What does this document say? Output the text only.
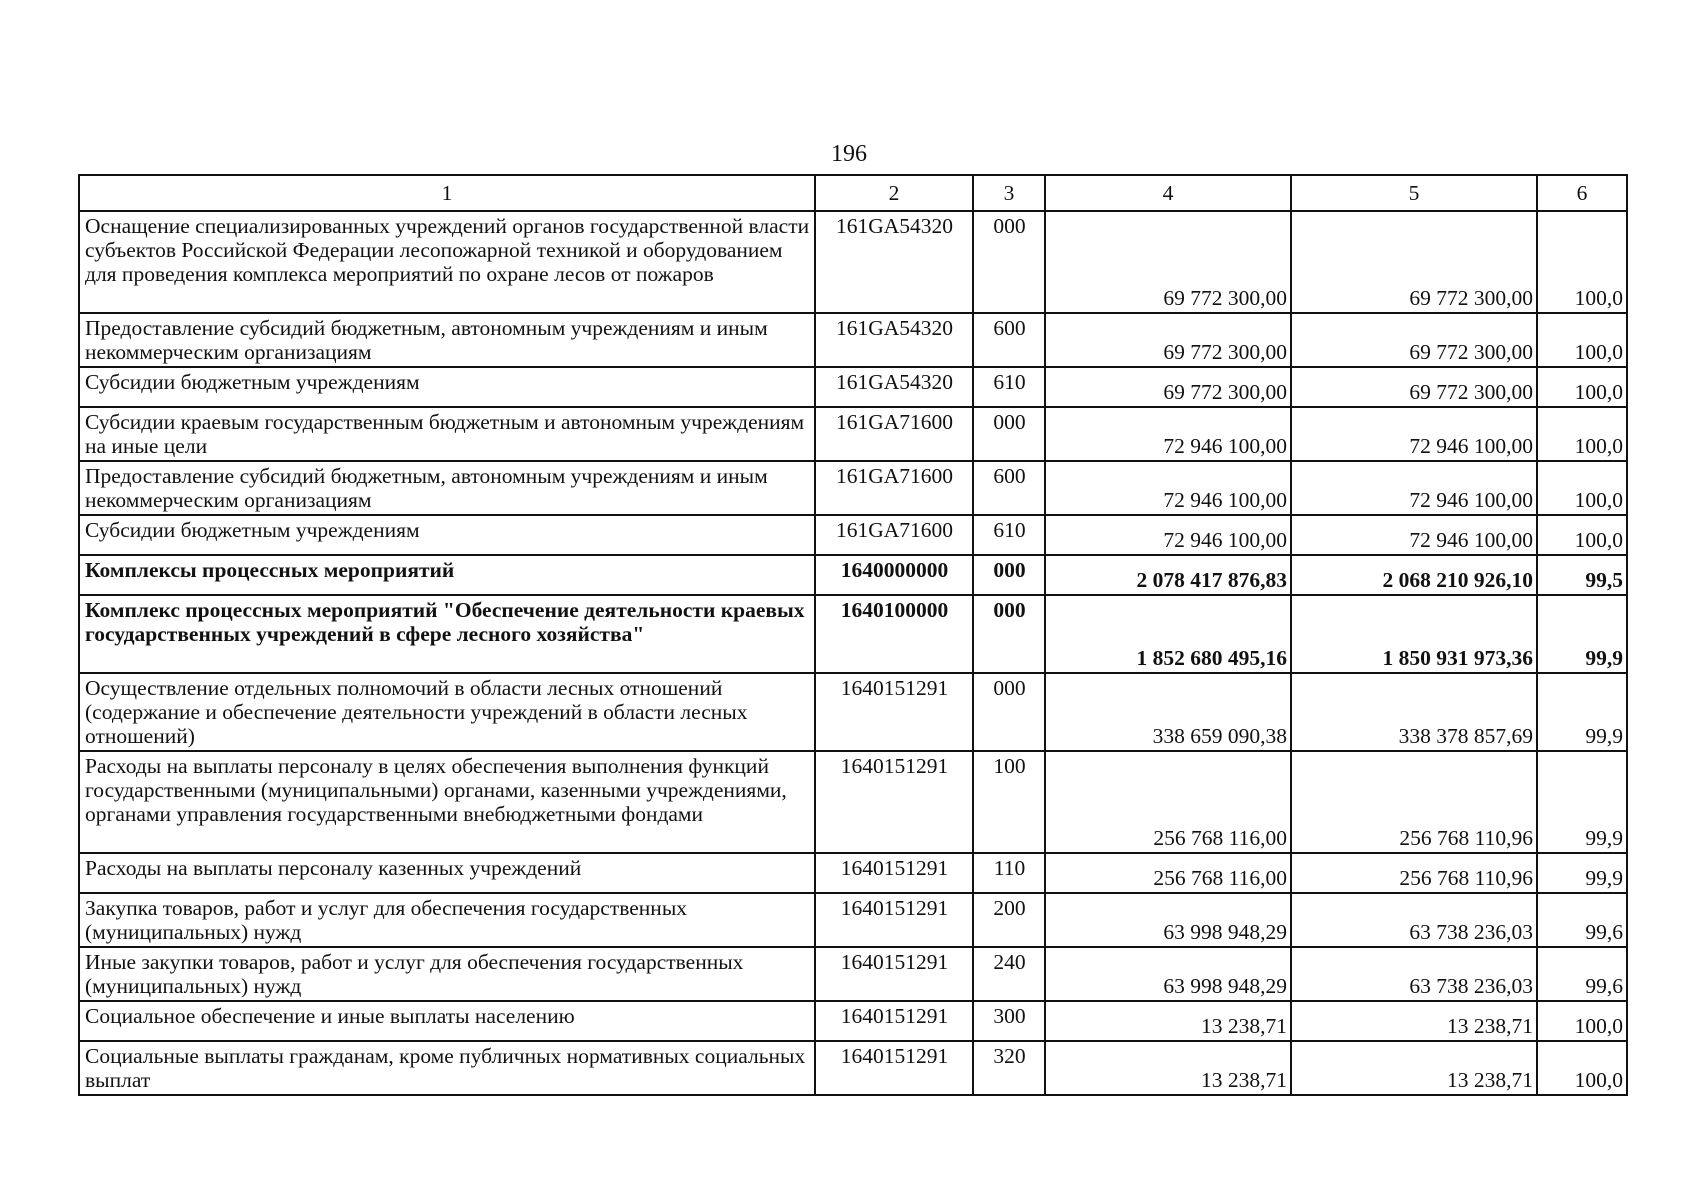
196
1	2	3	4	5	6
Оснащение специализированных учреждений органов государственной власти субъектов Российской Федерации лесопожарной техникой и оборудованием для проведения комплекса мероприятий по охране лесов от пожаров	161GA54320	000	69 772 300,00	69 772 300,00	100,0
Предоставление субсидий бюджетным, автономным учреждениям и иным некоммерческим организациям	161GA54320	600	69 772 300,00	69 772 300,00	100,0
Субсидии бюджетным учреждениям	161GA54320	610	69 772 300,00	69 772 300,00	100,0
Субсидии краевым государственным бюджетным и автономным учреждениям на иные цели	161GA71600	000	72 946 100,00	72 946 100,00	100,0
Предоставление субсидий бюджетным, автономным учреждениям и иным некоммерческим организациям	161GA71600	600	72 946 100,00	72 946 100,00	100,0
Субсидии бюджетным учреждениям	161GA71600	610	72 946 100,00	72 946 100,00	100,0
Комплексы процессных мероприятий	1640000000	000	2 078 417 876,83	2 068 210 926,10	99,5
Комплекс процессных мероприятий "Обеспечение деятельности краевых государственных учреждений в сфере лесного хозяйства"	1640100000	000	1 852 680 495,16	1 850 931 973,36	99,9
Осуществление отдельных полномочий в области лесных отношений (содержание и обеспечение деятельности учреждений в области лесных отношений)	1640151291	000	338 659 090,38	338 378 857,69	99,9
Расходы на выплаты персоналу в целях обеспечения выполнения функций государственными (муниципальными) органами, казенными учреждениями, органами управления государственными внебюджетными фондами	1640151291	100	256 768 116,00	256 768 110,96	99,9
Расходы на выплаты персоналу казенных учреждений	1640151291	110	256 768 116,00	256 768 110,96	99,9
Закупка товаров, работ и услуг для обеспечения государственных (муниципальных) нужд	1640151291	200	63 998 948,29	63 738 236,03	99,6
Иные закупки товаров, работ и услуг для обеспечения государственных (муниципальных) нужд	1640151291	240	63 998 948,29	63 738 236,03	99,6
Социальное обеспечение и иные выплаты населению	1640151291	300	13 238,71	13 238,71	100,0
Социальные выплаты гражданам, кроме публичных нормативных социальных выплат	1640151291	320	13 238,71	13 238,71	100,0
